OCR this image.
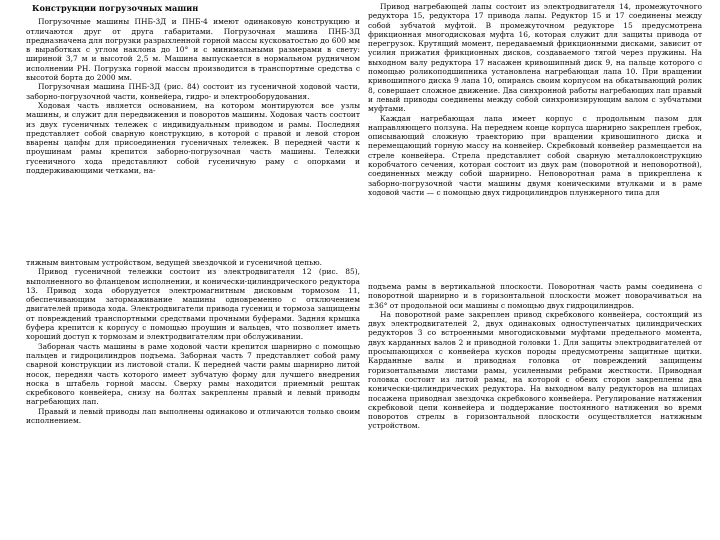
Конструкции погрузочных машин

Погрузочные машины ПНБ-3Д и ПНБ-4 имеют одинаковую конструкцию и отличаются друг от друга габаритами. Погрузочная машина ПНБ-3Д предназначена для погрузки разрыхленной горной массы кусковатостью до 600 мм в выработках с углом наклона до 10° и с минимальными размерами в свету: шириной 3,7 м и высотой 2,5 м. Машина выпускается в нормальном рудничном исполнении РН. Погрузка горной массы производится в транспортные средства с высотой борта до 2000 мм.

Погрузочная машина ПНБ-3Д (рис. 84) состоит из гусеничной ходовой части, заборно-погрузочной части, конвейера, гидро- и электрооборудования.

Ходовая часть является основанием, на котором монтируются все узлы машины, и служит для передвижения и поворотов машины. Ходовая часть состоит из двух гусеничных тележек с индивидуальным приводом и рамы. Последняя представляет собой сварную конструкцию, в которой с правой и левой сторон вварены цапфы для присоединения гусеничных тележек. В передней части к проушинам рамы крепится заборно-погрузочная часть машины. Тележки гусеничного хода представляют собой гусеничную раму с опорками и поддерживающими четками, на-

Привод нагребающей лапы состоит из электродвигателя 14, промежуточного редуктора 15, редуктора 17 привода лапы. Редуктор 15 и 17 соединены между собой зубчатой муфтой. В промежуточном редукторе 15 предусмотрена фрикционная многодисковая муфта 16, которая служит для защиты привода от перегрузок. Крутящий момент, передаваемый фрикционными дисками, зависит от усилия прижатия фрикционных дисков, создаваемого тягой через пружины. На выходном валу редуктора 17 насажен кривошипный диск 9, на пальце которого с помощью роликоподшипника установлена нагребающая лапа 10. При вращении кривошипного диска 9 лапа 10, опираясь своим корпусом на обкатывающий ролик 8, совершает сложное движение. Два синхронной работы нагребающих лап правый и левый приводы соединены между собой синхронизирующим валом с зубчатыми муфтами.

Каждая нагребающая лапа имеет корпус с продольным пазом для направляющего ползуна. На переднем конце корпуса шарнирно закреплен гребок, описывающий сложную траекторию при вращении кривошипного диска и перемещающий горную массу на конвейер. Скребковый конвейер размещается на стреле конвейера. Стрела представляет собой сварную металлоконструкцию коробчатого сечения, которая состоит из двух рам (поворотной и неповоротной), соединенных между собой шарнирно. Неповоротная рама в прикреплена к заборно-погрузочной части машины двумя коническими втулками и в раме ходовой части — с помощью двух гидроцилиндров плунжерного типа для

тяжным винтовым устройством, ведущей звездочкой и гусеничной цепью.

Привод гусеничной тележки состоит из электродвигателя 12 (рис. 85), выполненного во фланцевом исполнении, и конически-цилиндрического редуктора 13. Привод хода оборудуется электромагнитным дисковым тормозом 11, обеспечивающим затормаживание машины одновременно с отключением двигателей привода хода. Электродвигатели привода гусениц и тормоза защищены от повреждений транспортными средствами прочными буферами. Задняя крышка буфера крепится к корпусу с помощью проушин и вальцев, что позволяет иметь хороший доступ к тормозам и электродвигателям при обслуживании.

Заборная часть машины в раме ходовой части крепится шарнирно с помощью пальцев и гидроцилиндров подъема. Заборная часть 7 представляет собой раму сварной конструкции из листовой стали. К передней части рамы шарнирно литой носок, передняя часть которого имеет зубчатую форму для лучшего внедрения носка в штабель горной массы. Сверху рамы находится приемный рештак скребкового конвейера, снизу на болтах закреплены правый и левый приводы нагребающих лап.

Правый и левый приводы лап выполнены одинаково и отличаются только своим исполнением.

подъема рамы в вертикальной плоскости. Поворотная часть рамы соединена с поворотной шарнирно и в горизонтальной плоскости может поворачиваться на ±36° от продольной оси машины с помощью двух гидроцилиндров.

На поворотной раме закреплен привод скребкового конвейера, состоящий из двух электродвигателей 2, двух одинаковых одноступенчатых цилиндрических редукторов 3 со встроенными многодисковыми муфтами предельного момента, двух карданных валов 2 и приводной головки 1. Для защиты электродвигателей от просыпающихся с конвейера кусков породы предусмотрены защитные щитки. Карданные валы и приводная головка от повреждений защищены горизонтальными листами рамы, усиленными ребрами жесткости. Приводная головка состоит из литой рамы, на которой с обеих сторон закреплены два конически-цилиндрических редуктора. На выходном валу редукторов на шлицах посажена приводная звездочка скребкового конвейера. Регулирование натяжения скребковой цепи конвейера и поддержание постоянного натяжения во время поворотов стрелы в горизонтальной плоскости осуществляется натяжным устройством.
